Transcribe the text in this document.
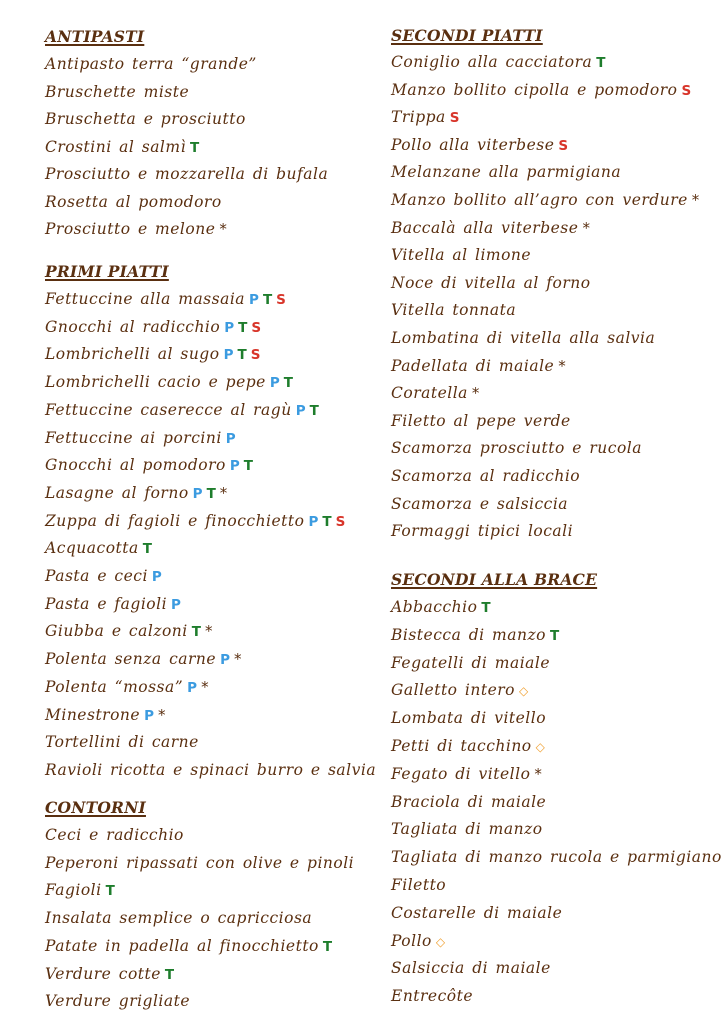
ANTIPASTI
Antipasto terra “grande”
Bruschette miste
Bruschetta e prosciutto
Crostini al salmì T
Prosciutto e mozzarella di bufala
Rosetta al pomodoro
Prosciutto e melone *
PRIMI PIATTI
Fettuccine alla massaia P T S
Gnocchi al radicchio P T S
Lombrichelli al sugo P T S
Lombrichelli cacio e pepe P T
Fettuccine caserecce al ragù P T
Fettuccine ai porcini P
Gnocchi al pomodoro P T
Lasagne al forno P T *
Zuppa di fagioli e finocchietto P T S
Acquacotta T
Pasta e ceci P
Pasta e fagioli P
Giubba e calzoni T *
Polenta senza carne P *
Polenta “mossa” P *
Minestrone P *
Tortellini di carne
Ravioli ricotta e spinaci burro e salvia
CONTORNI
Ceci e radicchio
Peperoni ripassati con olive e pinoli
Fagioli T
Insalata semplice o capricciosa
Patate in padella al finocchietto T
Verdure cotte T
Verdure grigliate
SECONDI PIATTI
Coniglio alla cacciatora T
Manzo bollito cipolla e pomodoro S
Trippa S
Pollo alla viterbese S
Melanzane alla parmigiana
Manzo bollito all’agro con verdure *
Baccalà alla viterbese *
Vitella al limone
Noce di vitella al forno
Vitella tonnata
Lombatina di vitella alla salvia
Padellata di maiale *
Coratella *
Filetto al pepe verde
Scamorza prosciutto e rucola
Scamorza al radicchio
Scamorza e salsiccia
Formaggi tipici locali
SECONDI ALLA BRACE
Abbacchio T
Bistecca di manzo T
Fegatelli di maiale
Galletto intero ◇
Lombata di vitello
Petti di tacchino ◇
Fegato di vitello *
Braciola di maiale
Tagliata di manzo
Tagliata di manzo rucola e parmigiano
Filetto
Costarelle di maiale
Pollo ◇
Salsiccia di maiale
Entrecôte
